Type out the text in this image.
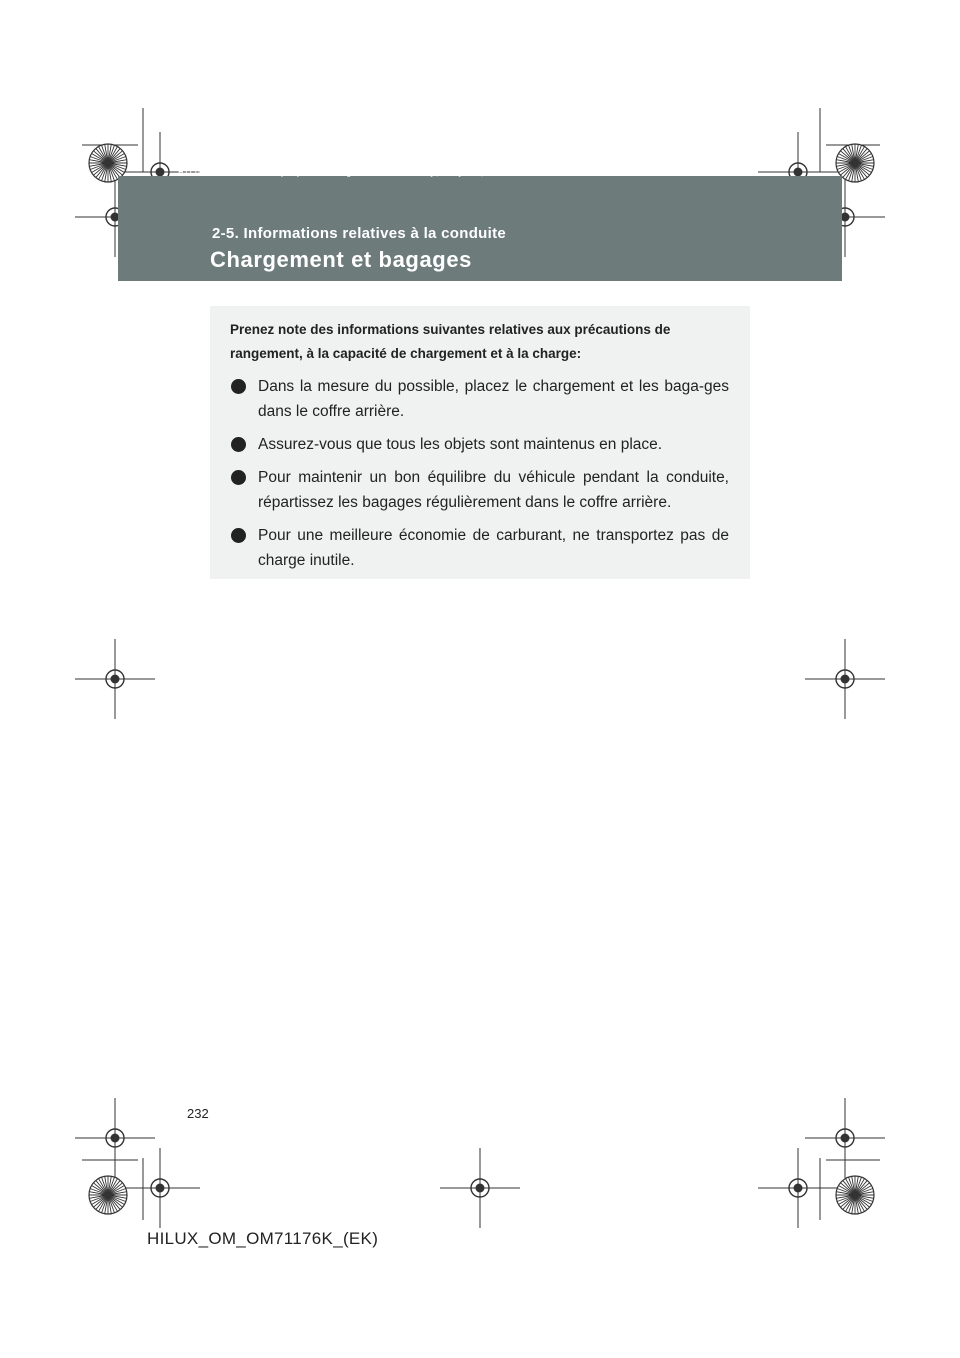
HILUX_OM_OM71176K_(EK).book Page 232 Wednesday, May 16, 2012 2:32 PM
2-5. Informations relatives à la conduite
Chargement et bagages

Prenez note des informations suivantes relatives aux précautions de rangement, à la capacité de chargement et à la charge:

Dans la mesure du possible, placez le chargement et les baga-ges dans le coffre arrière.
Assurez-vous que tous les objets sont maintenus en place.
Pour maintenir un bon équilibre du véhicule pendant la conduite, répartissez les bagages régulièrement dans le coffre arrière.
Pour une meilleure économie de carburant, ne transportez pas de charge inutile.
232
HILUX_OM_OM71176K_(EK)
